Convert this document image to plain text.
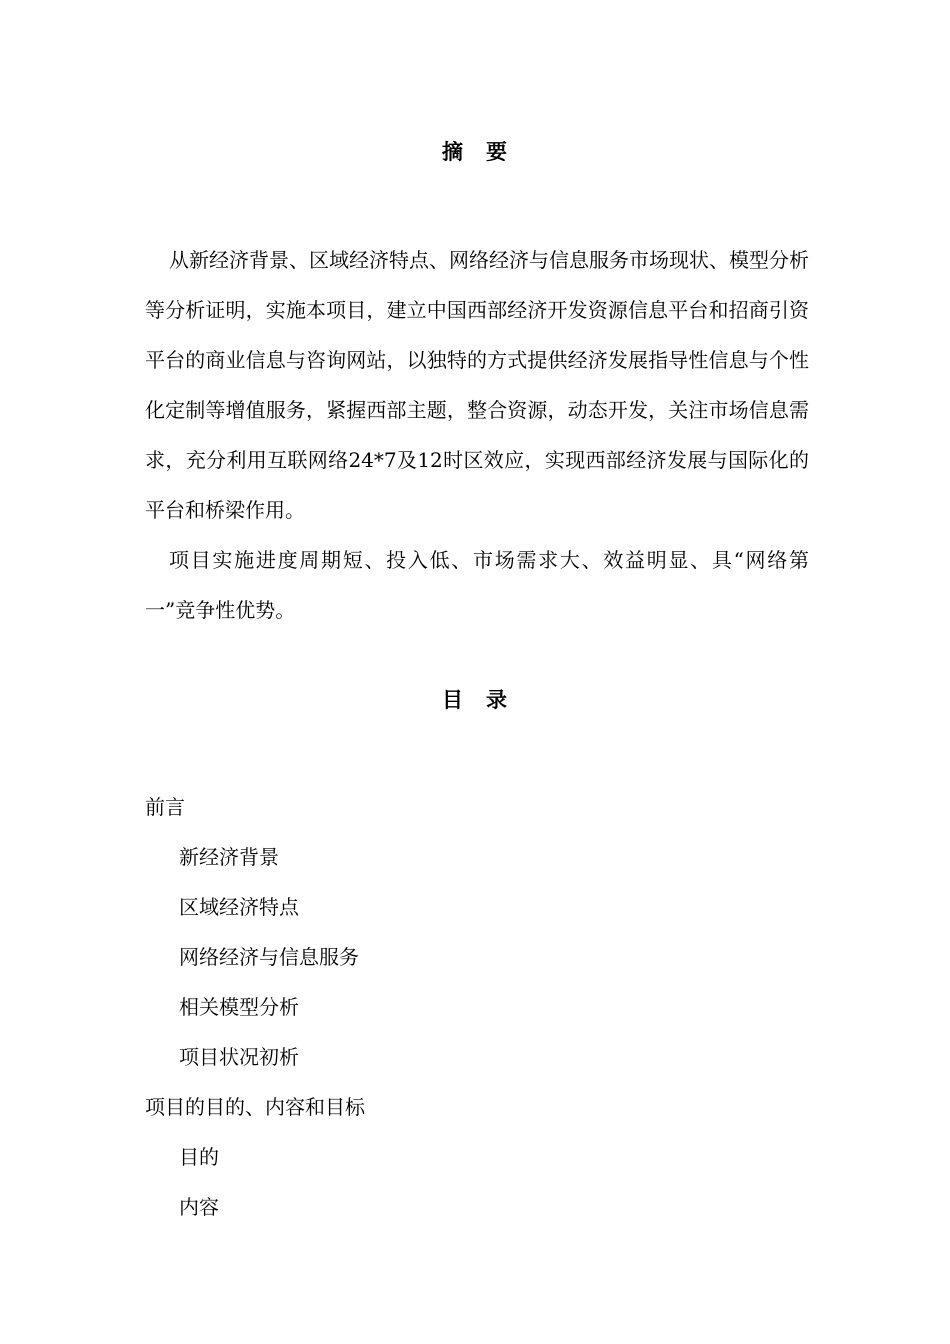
摘　要

从新经济背景、区域经济特点、网络经济与信息服务市场现状、模型分析等分析证明，实施本项目，建立中国西部经济开发资源信息平台和招商引资平台的商业信息与咨询网站，以独特的方式提供经济发展指导性信息与个性化定制等增值服务，紧握西部主题，整合资源，动态开发，关注市场信息需求，充分利用互联网络24*7及12时区效应，实现西部经济发展与国际化的平台和桥梁作用。

项目实施进度周期短、投入低、市场需求大、效益明显、具“网络第一”竞争性优势。

目　录
前言
新经济背景
区域经济特点
网络经济与信息服务
相关模型分析
项目状况初析
项目的目的、内容和目标
目的
内容
